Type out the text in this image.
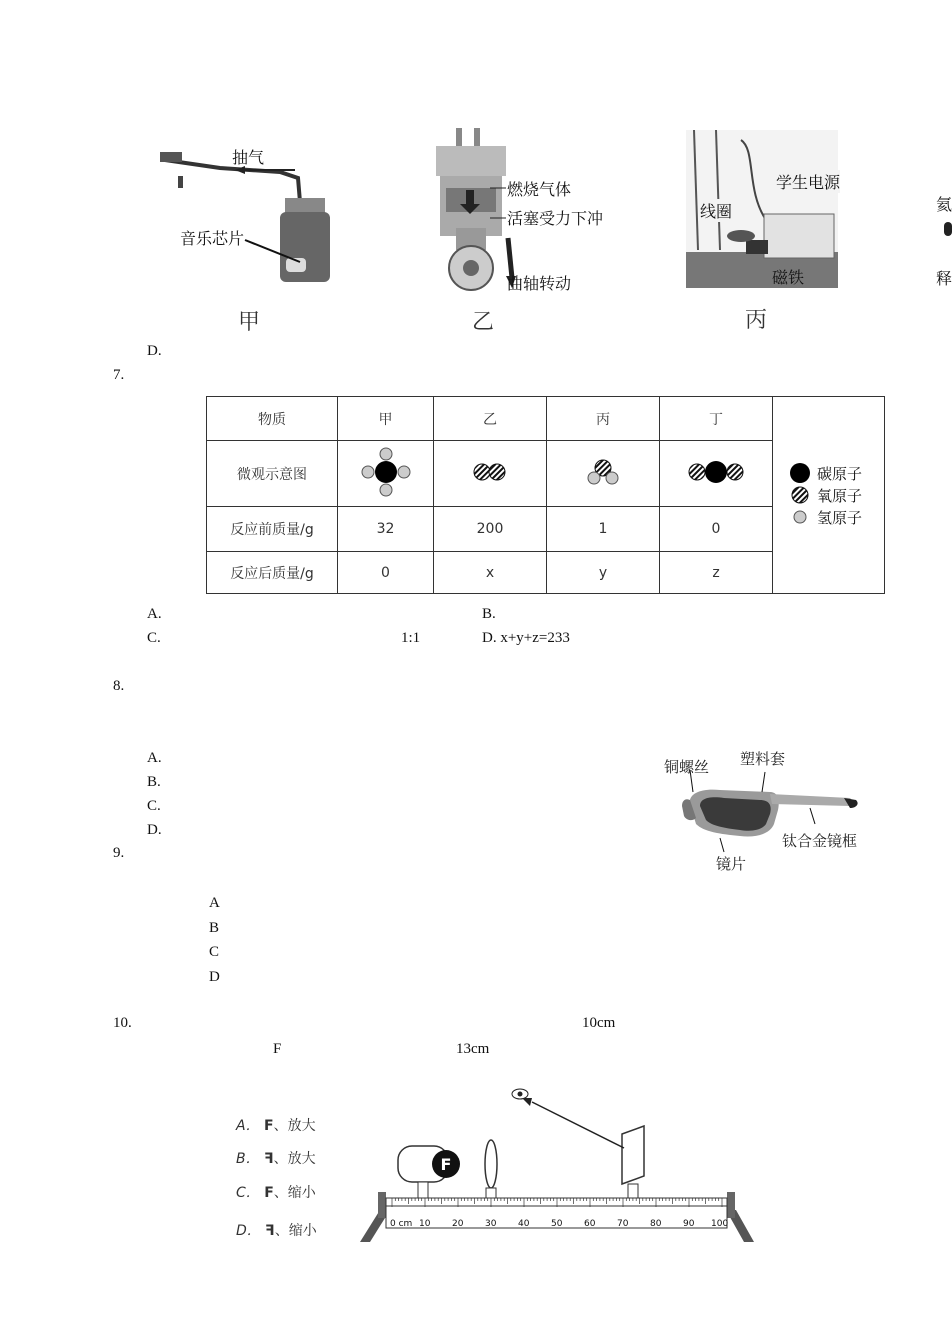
抽气
音乐芯片
甲
燃烧气体
活塞受力下冲
曲轴转动
乙
学生电源
线圈
磁铁
丙
氦
释
D.
7.
物质	甲	乙	丙	丁	碳原子
氧原子
氢原子

微观示意图				
反应前质量/g	32	200	1	0	
反应后质量/g	0	x	y	z	
A.	B.
C.	1:1	D. x+y+z=233
8.
A.
B.
C.
D.
铜螺丝 塑料套
钛合金镜框
镜片
9.
A
B
C
D
10.	10cm
F	13cm
A． F、放大
B． F、放大
C． F、缩小
D． F、缩小
F
0 cm 10 20 30 40 50 60 70 80 90 100
